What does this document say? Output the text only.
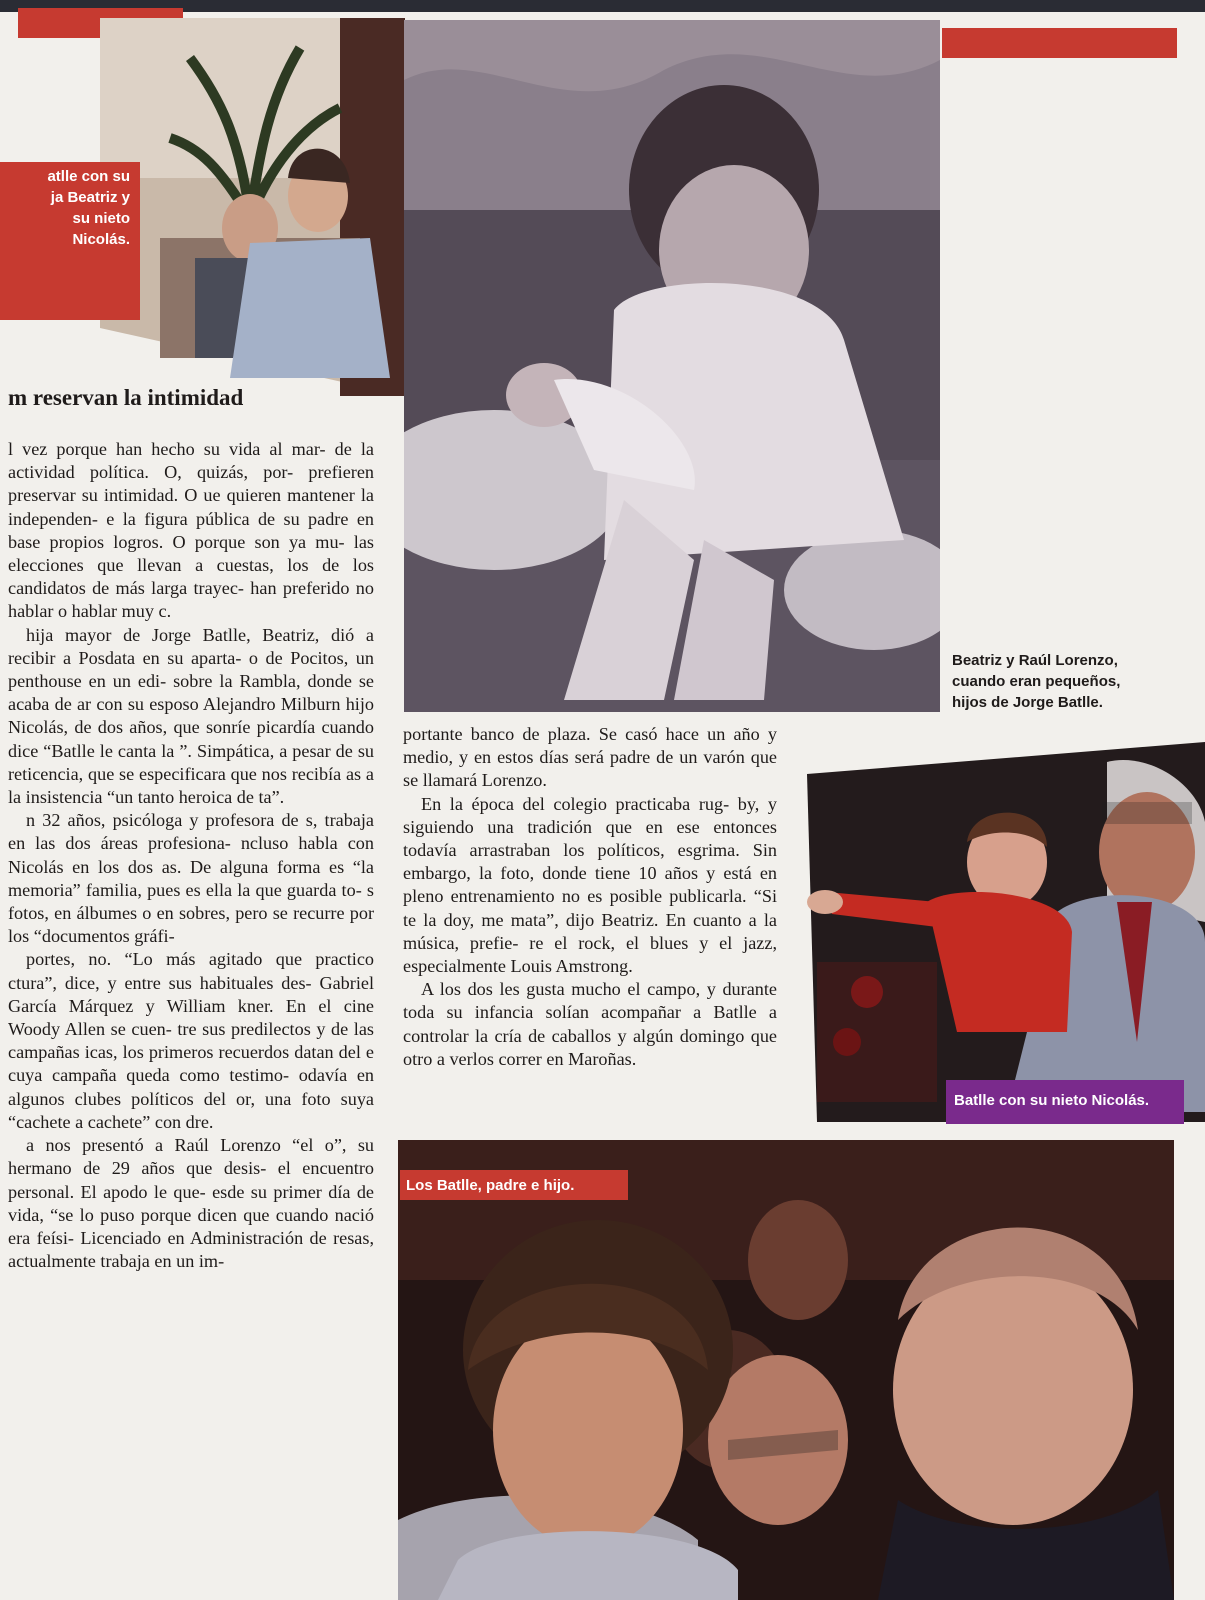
atlle con su
ja Beatriz y
su nieto
Nicolás.
Beatriz y Raúl Lorenzo,
cuando eran pequeños,
hijos de Jorge Batlle.
Batlle con su nieto Nicolás.
Los Batlle, padre e hijo.
m reservan la intimidad

l vez porque han hecho su vida al mar- de la actividad política. O, quizás, por- prefieren preservar su intimidad. O ue quieren mantener la independen- e la figura pública de su padre en base propios logros. O porque son ya mu- las elecciones que llevan a cuestas, los de los candidatos de más larga trayec- han preferido no hablar o hablar muy c.

hija mayor de Jorge Batlle, Beatriz, dió a recibir a Posdata en su aparta- o de Pocitos, un penthouse en un edi- sobre la Rambla, donde se acaba de ar con su esposo Alejandro Milburn hijo Nicolás, de dos años, que sonríe picardía cuando dice “Batlle le canta la ”. Simpática, a pesar de su reticencia, que se especificara que nos recibía as a la insistencia “un tanto heroica de ta”.

n 32 años, psicóloga y profesora de s, trabaja en las dos áreas profesiona- ncluso habla con Nicolás en los dos as. De alguna forma es “la memoria” familia, pues es ella la que guarda to- s fotos, en álbumes o en sobres, pero se recurre por los “documentos gráfi-

portes, no. “Lo más agitado que practico ctura”, dice, y entre sus habituales des- Gabriel García Márquez y William kner. En el cine Woody Allen se cuen- tre sus predilectos y de las campañas icas, los primeros recuerdos datan del e cuya campaña queda como testimo- odavía en algunos clubes políticos del or, una foto suya “cachete a cachete” con dre.

a nos presentó a Raúl Lorenzo “el o”, su hermano de 29 años que desis- el encuentro personal. El apodo le que- esde su primer día de vida, “se lo puso porque dicen que cuando nació era feísi- Licenciado en Administración de resas, actualmente trabaja en un im-

portante banco de plaza. Se casó hace un año y medio, y en estos días será padre de un varón que se llamará Lorenzo.

En la época del colegio practicaba rug- by, y siguiendo una tradición que en ese entonces todavía arrastraban los políticos, esgrima. Sin embargo, la foto, donde tiene 10 años y está en pleno entrenamiento no es posible publicarla. “Si te la doy, me mata”, dijo Beatriz. En cuanto a la música, prefie- re el rock, el blues y el jazz, especialmente Louis Amstrong.

A los dos les gusta mucho el campo, y durante toda su infancia solían acompañar a Batlle a controlar la cría de caballos y algún domingo que otro a verlos correr en Maroñas.
